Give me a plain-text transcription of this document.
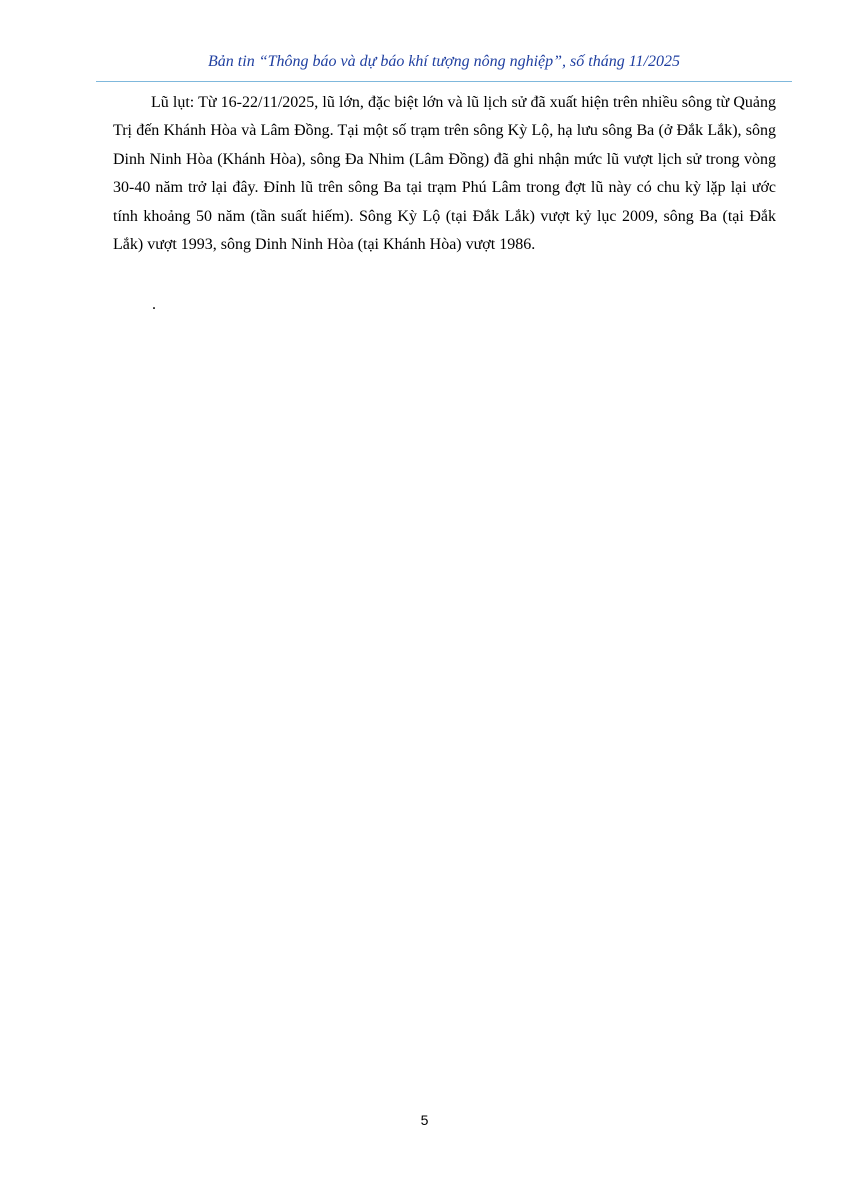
Bản tin “Thông báo và dự báo khí tượng nông nghiệp”, số tháng 11/2025

Lũ lụt: Từ 16-22/11/2025, lũ lớn, đặc biệt lớn và lũ lịch sử đã xuất hiện trên nhiều sông từ Quảng Trị đến Khánh Hòa và Lâm Đồng. Tại một số trạm trên sông Kỳ Lộ, hạ lưu sông Ba (ở Đắk Lắk), sông Dinh Ninh Hòa (Khánh Hòa), sông Đa Nhim (Lâm Đồng) đã ghi nhận mức lũ vượt lịch sử trong vòng 30-40 năm trở lại đây. Đỉnh lũ trên sông Ba tại trạm Phú Lâm trong đợt lũ này có chu kỳ lặp lại ước tính khoảng 50 năm (tần suất hiếm). Sông Kỳ Lộ (tại Đắk Lắk) vượt kỷ lục 2009, sông Ba (tại Đắk Lắk) vượt 1993, sông Dinh Ninh Hòa (tại Khánh Hòa) vượt 1986.

.
5
